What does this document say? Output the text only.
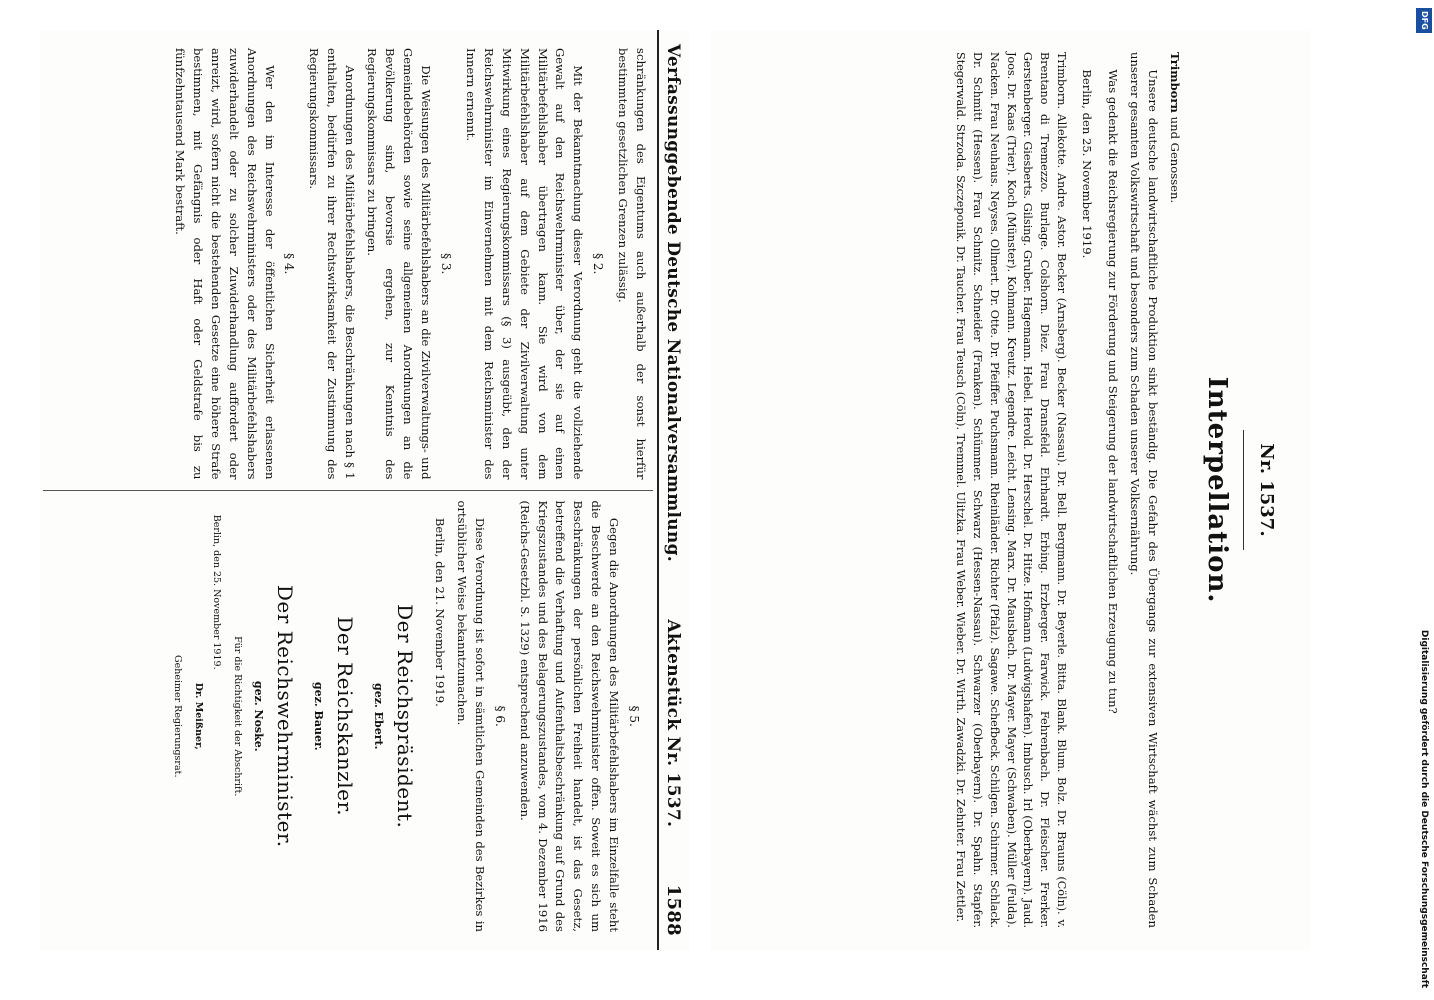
Verfassunggebende Deutsche Nationalversammlung.
Aktenstück Nr. 1537.
1588

schränkungen des Eigentums auch außerhalb der sonst hierfür bestimmten gesetzlichen Grenzen zulässig.

§ 2.

Mit der Bekanntmachung dieser Verordnung geht die vollziehende Gewalt auf den Reichswehrminister über, der sie auf einen Militärbefehlshaber übertragen kann. Sie wird von dem Militärbefehlshaber auf dem Gebiete der Zivilverwaltung unter Mitwirkung eines Regierungskommissars (§ 3) ausgeübt, den der Reichswehrminister im Einvernehmen mit dem Reichsminister des Innern ernennt.

§ 3.

Die Weisungen des Militärbefehlshabers an die Zivilverwaltungs- und Gemeindebehörden sowie seine allgemeinen Anordnungen an die Bevölkerung sind, bevorsie ergehen, zur Kenntnis des Regierungskommissars zu bringen.

Anordnungen des Militärbefehlshabers, die Beschränkungen nach § 1 enthalten, bedürfen zu ihrer Rechtswirksamkeit der Zustimmung des Regierungskommissars.

§ 4.

Wer den im Interesse der öffentlichen Sicherheit erlassenen Anordnungen des Reichswehrministers oder des Militärbefehlshabers zuwiderhandelt oder zu solcher Zuwiderhandlung auffordert oder anreizt, wird, sofern nicht die bestehenden Gesetze eine höhere Strafe bestimmen, mit Gefängnis oder Haft oder Geldstrafe bis zu fünfzehntausend Mark bestraft.

§ 5.

Gegen die Anordnungen des Militärbefehlshabers im Einzelfalle steht die Beschwerde an den Reichswehrminister offen. Soweit es sich um Beschränkungen der persönlichen Freiheit handelt, ist das Gesetz, betreffend die Verhaftung und Aufenthaltsbeschränkung auf Grund des Kriegszustandes und des Belagerungszustandes, vom 4. Dezember 1916 (Reichs-Gesetzbl. S. 1329) entsprechend anzuwenden.

§ 6.

Diese Verordnung ist sofort in sämtlichen Gemeinden des Bezirkes in ortsüblicher Weise bekanntzumachen.

Berlin, den 21. November 1919.

Der Reichspräsident.
gez. Ebert.
Der Reichskanzler.
gez. Bauer.
Der Reichswehrminister.
gez. Noske.
Für die Richtigkeit der Abschrift.

Berlin, den 25. November 1919.

Dr. Meißner,
Geheimer Regierungsrat.
Nr. 1537.
Interpellation.

Trimborn und Genossen.

Unsere deutsche landwirtschaftliche Produktion sinkt beständig. Die Gefahr des Übergangs zur extensiven Wirtschaft wächst zum Schaden unserer gesamten Volkswirtschaft und besonders zum Schaden unserer Volksernährung.

Was gedenkt die Reichsregierung zur Förderung und Steigerung der landwirtschaftlichen Erzeugung zu tun?

Berlin, den 25. November 1919.

Trimborn. Allekotte. Andre. Astor. Becker (Arnsberg). Becker (Nassau). Dr. Bell. Bergmann. Dr. Beyerle. Bitta. Blank. Blum. Bolz. Dr. Brauns (Cöln). v. Brentano di Tremezzo. Burlage. Colshorn. Diez. Frau Dransfeld. Ehrhardt. Erbing. Erzberger. Farwick. Fehrenbach. Dr. Fleischer. Frerker. Gerstenberger. Giesberts. Gilsing. Gruber. Hagemann. Hebel. Herold. Dr. Herschel. Dr. Hitze. Hofmann (Ludwigshafen). Imbusch. Irl (Oberbayern). Jaud. Joos. Dr. Kaas (Trier). Koch (Münster). Kohmann. Kreutz. Legendre. Leicht. Lensing. Marx. Dr. Mausbach. Dr. Mayer. Mayer (Schwaben). Müller (Fulda). Nacken. Frau Neuhaus. Neyses. Ollmert. Dr. Otte. Dr. Pfeiffer. Puchsmann. Rheinländer. Richter (Pfalz). Sagawe. Schefbeck. Schilgen. Schirmer. Schlack. Dr. Schmitt (Hessen). Frau Schmitz. Schneider (Franken). Schümmer. Schwarz (Hessen-Nassau). Schwarzer (Oberbayern). Dr. Spahn. Stapfer. Stegerwald. Strzoda. Szczeponik. Dr. Taucher. Frau Teusch (Cöln). Tremmel. Ulitzka. Frau Weber. Wieber. Dr. Wirth. Zawadzki. Dr. Zehnter. Frau Zettler.

DFG
Digitalisierung gefördert durch die Deutsche Forschungsgemeinschaft
